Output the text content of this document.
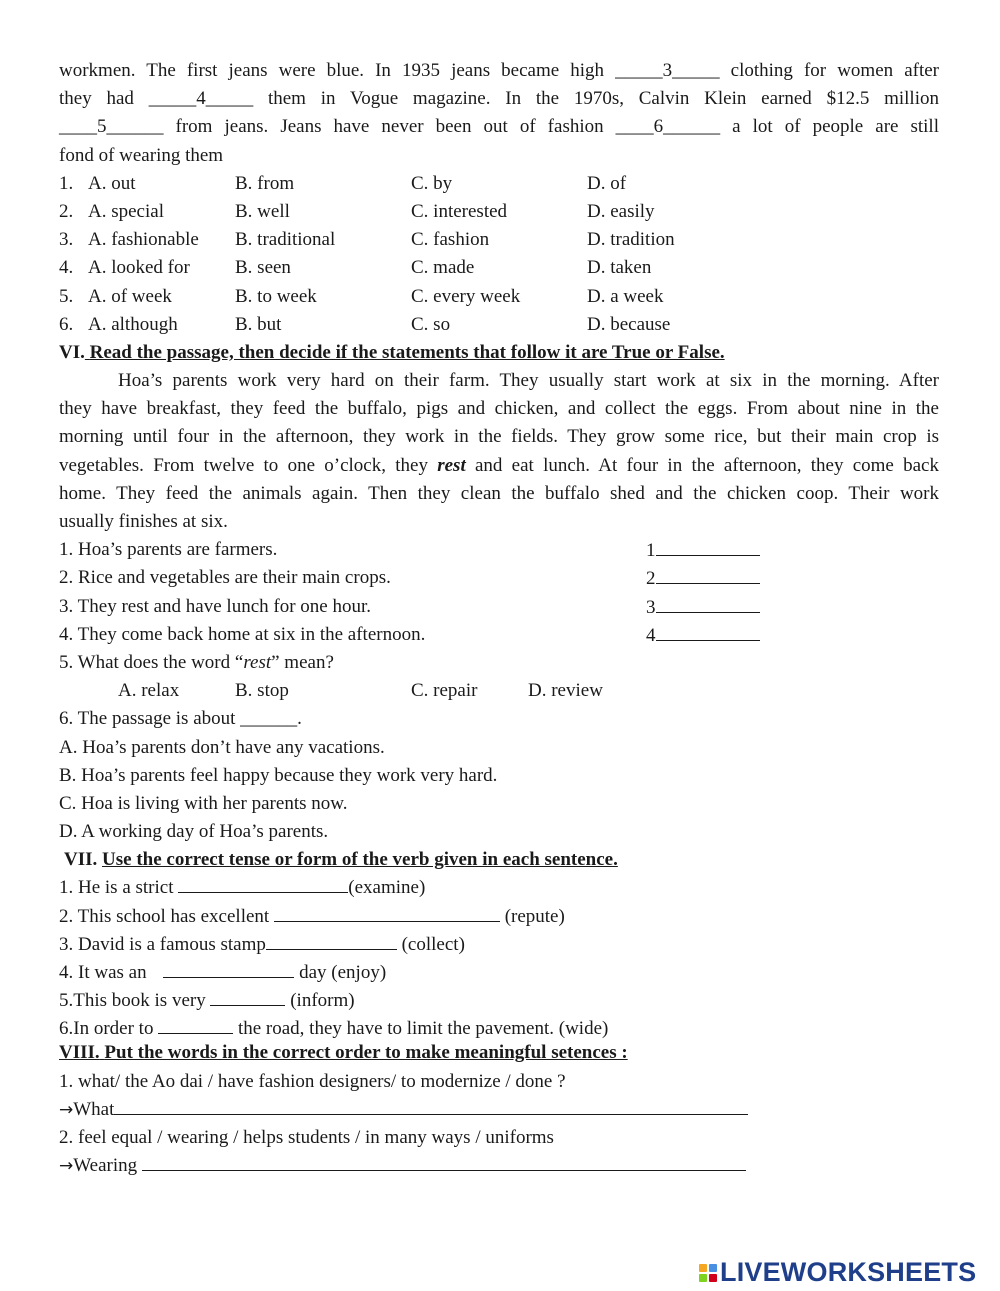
workmen. The first jeans were blue. In 1935 jeans became high _____3_____ clothing for women after
they had _____4_____ them in Vogue magazine. In the 1970s, Calvin Klein earned $12.5 million
____5______ from jeans. Jeans have never been out of fashion ____6______ a lot of people are still
fond of wearing them
1. A. out	B. from	C. by	D. of
2. A. special	B. well	C. interested	D. easily
3. A. fashionable	B. traditional	C. fashion	D. tradition
4. A. looked for	B. seen	C. made	D. taken
5. A. of week	B. to week	C. every week	D. a week
6. A. although	B. but	C. so	D. because
VI. Read the passage, then decide if the statements that follow it are True or False.
Hoa’s parents work very hard on their farm. They usually start work at six in the morning. After
they have breakfast, they feed the buffalo, pigs and chicken, and collect the eggs. From about nine in the
morning until four in the afternoon, they work in the fields. They grow some rice, but their main crop is
vegetables. From twelve to one o’clock, they rest and eat lunch. At four in the afternoon, they come back
home. They feed the animals again. Then they clean the buffalo shed and the chicken coop. Their work
usually finishes at six.
1. Hoa’s parents are farmers.	1
2. Rice and vegetables are their main crops.	2
3. They rest and have lunch for one hour.	3
4. They come back home at six in the afternoon.	4
5. What does the word “rest” mean?
A. relax	B. stop	C. repair	D. review
6. The passage is about ______.
A. Hoa’s parents don’t have any vacations.
B. Hoa’s parents feel happy because they work very hard.
C. Hoa is living with her parents now.
D. A working day of Hoa’s parents.
VII. Use the correct tense or form of the verb given in each sentence.
1. He is a strict	(examine)
2. This school has excellent	(repute)
3. David is a famous stamp	(collect)
4. It was an	day (enjoy)
5.This book is very	(inform)
6.In order to	the road, they have to limit the pavement. (wide)
VIII. Put the words in the correct order to make meaningful setences :
1. what/ the Ao dai / have fashion designers/ to modernize / done ?
→What
2. feel equal / wearing / helps students / in many ways / uniforms
→Wearing
LIVEWORKSHEETS
